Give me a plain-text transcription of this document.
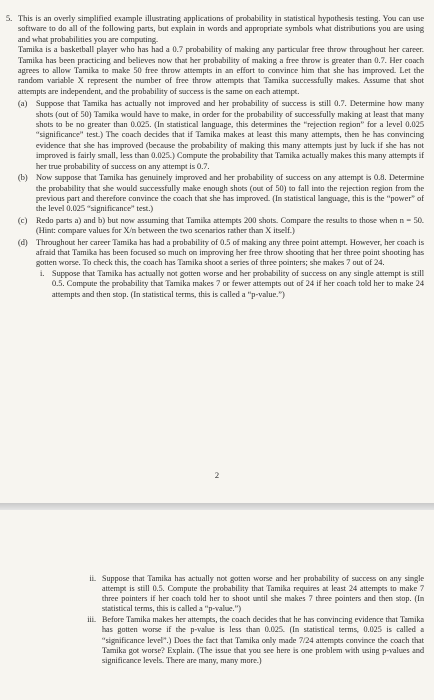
5. This is an overly simplified example illustrating applications of probability in statistical hypothesis testing. You can use software to do all of the following parts, but explain in words and appropriate symbols what distributions you are using and what probabilities you are computing.

Tamika is a basketball player who has had a 0.7 probability of making any particular free throw throughout her career. Tamika has been practicing and believes now that her probability of making a free throw is greater than 0.7. Her coach agrees to allow Tamika to make 50 free throw attempts in an effort to convince him that she has improved. Let the random variable X represent the number of free throw attempts that Tamika successfully makes. Assume that shot attempts are independent, and the probability of success is the same on each attempt.

(a)	Suppose that Tamika has actually not improved and her probability of success is still 0.7. Determine how many shots (out of 50) Tamika would have to make, in order for the probability of successfully making at least that many shots to be no greater than 0.025. (In statistical language, this determines the “rejection region” for a level 0.025 “significance” test.) The coach decides that if Tamika makes at least this many attempts, then he has convincing evidence that she has improved (because the probability of making this many attempts just by luck if she has not improved is fairly small, less than 0.025.) Compute the probability that Tamika actually makes this many attempts if her true probability of success on any attempt is 0.7.
(b)	Now suppose that Tamika has genuinely improved and her probability of success on any attempt is 0.8. Determine the probability that she would successfully make enough shots (out of 50) to fall into the rejection region from the previous part and therefore convince the coach that she has improved. (In statistical language, this is the “power” of the level 0.025 “significance” test.)
(c)	Redo parts a) and b) but now assuming that Tamika attempts 200 shots. Compare the results to those when n = 50. (Hint: compare values for X/n between the two scenarios rather than X itself.)
(d)	Throughout her career Tamika has had a probability of 0.5 of making any three point attempt. However, her coach is afraid that Tamika has been focused so much on improving her free throw shooting that her three point shooting has gotten worse. To check this, the coach has Tamika shoot a series of three pointers; she makes 7 out of 24.
i. Suppose that Tamika has actually not gotten worse and her probability of success on any single attempt is still 0.5. Compute the probability that Tamika makes 7 or fewer attempts out of 24 if her coach told her to make 24 attempts and then stop. (In statistical terms, this is called a “p-value.”)
2
ii. Suppose that Tamika has actually not gotten worse and her probability of success on any single attempt is still 0.5. Compute the probability that Tamika requires at least 24 attempts to make 7 three pointers if her coach told her to shoot until she makes 7 three pointers and then stop. (In statistical terms, this is called a “p-value.”)
iii. Before Tamika makes her attempts, the coach decides that he has convincing evidence that Tamika has gotten worse if the p-value is less than 0.025. (In statistical terms, 0.025 is called a “significance level”.) Does the fact that Tamika only made 7/24 attempts convince the coach that Tamika got worse? Explain. (The issue that you see here is one problem with using p-values and significance levels. There are many, many more.)
